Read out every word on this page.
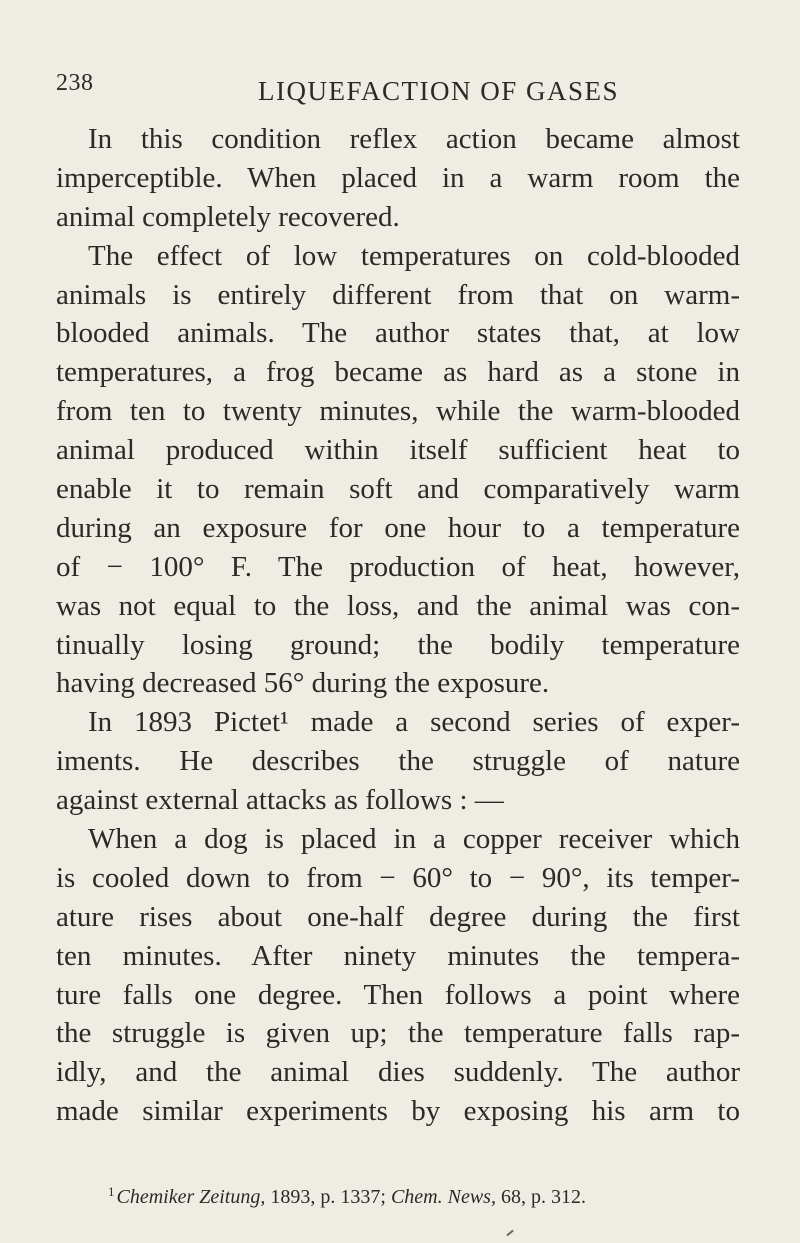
238	LIQUEFACTION OF GASES
In this condition reflex action became almost
imperceptible. When placed in a warm room the
animal completely recovered.
The effect of low temperatures on cold-blooded
animals is entirely different from that on warm-
blooded animals. The author states that, at low
temperatures, a frog became as hard as a stone in
from ten to twenty minutes, while the warm-blooded
animal produced within itself sufficient heat to
enable it to remain soft and comparatively warm
during an exposure for one hour to a temperature
of − 100° F. The production of heat, however,
was not equal to the loss, and the animal was con-
tinually losing ground; the bodily temperature
having decreased 56° during the exposure.
In 1893 Pictet¹ made a second series of exper-
iments. He describes the struggle of nature
against external attacks as follows : —
When a dog is placed in a copper receiver which
is cooled down to from − 60° to − 90°, its temper-
ature rises about one-half degree during the first
ten minutes. After ninety minutes the tempera-
ture falls one degree. Then follows a point where
the struggle is given up; the temperature falls rap-
idly, and the animal dies suddenly. The author
made similar experiments by exposing his arm to
$^1$ Chemiker Zeitung, 1893, p. 1337; Chem. News, 68, p. 312.
